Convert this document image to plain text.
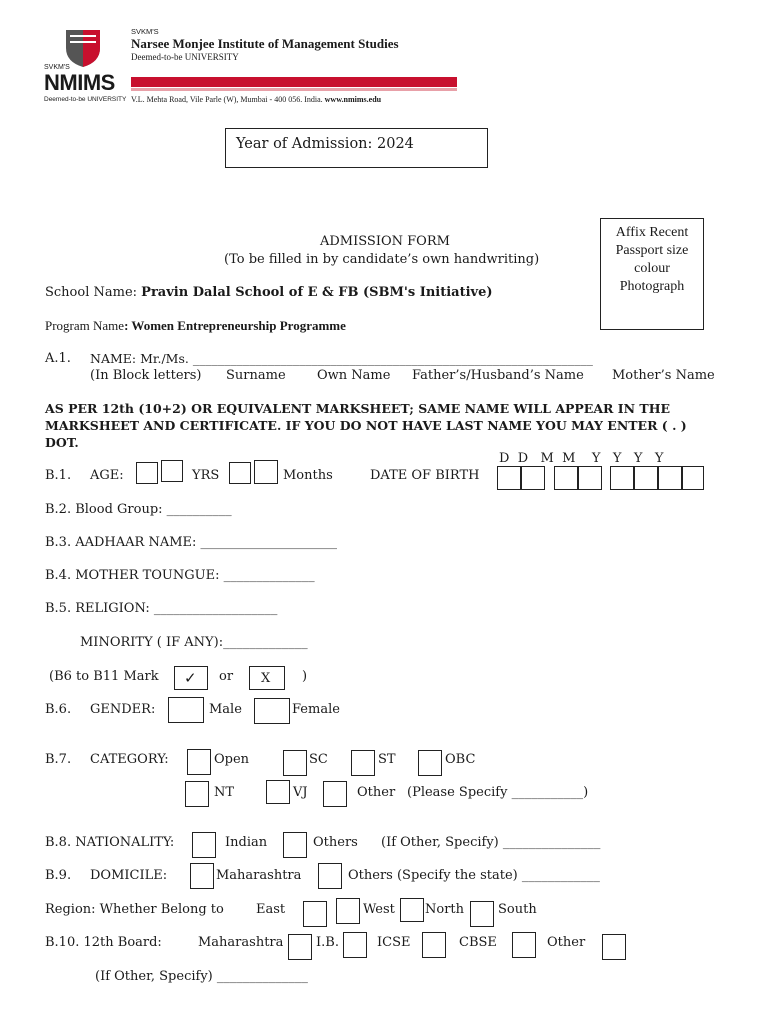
SVKM'S
NMIMS
Deemed-to-be UNIVERSITY
SVKM'S
Narsee Monjee Institute of Management Studies
Deemed-to-be UNIVERSITY
V.L. Mehta Road, Vile Parle (W), Mumbai - 400 056. India. www.nmims.edu
Year of Admission: 2024
Affix Recent
Passport size
colour
Photograph
ADMISSION FORM
(To be filled in by candidate’s own handwriting)
School Name: Pravin Dalal School of E & FB (SBM's Initiative)
Program Name: Women Entrepreneurship Programme
A.1. NAME: Mr./Ms. ________________________________________________________________
(In Block letters) Surname Own Name Father’s/Husband’s Name Mother’s Name
AS PER 12th (10+2) OR EQUIVALENT MARKSHEET; SAME NAME WILL APPEAR IN THE
MARKSHEET AND CERTIFICATE. IF YOU DO NOT HAVE LAST NAME YOU MAY ENTER ( . )
DOT.
D  D   M  M    Y   Y   Y   Y
B.1. AGE:	YRS	Months	DATE OF BIRTH
B.2. Blood Group: __________
B.3. AADHAAR NAME: _____________________
B.4. MOTHER TOUNGUE: ______________
B.5. RELIGION: ___________________
MINORITY ( IF ANY):_____________
(B6 to B11 Mark ✓ or X )
B.6. GENDER:	Male	Female
B.7. CATEGORY:	Open	SC	ST	OBC
NT	VJ	Other (Please Specify ___________)
B.8. NATIONALITY:	Indian	Others (If Other, Specify) _______________
B.9. DOMICILE:	Maharashtra	Others (Specify the state) ____________
Region: Whether Belong to East	West North	South
B.10. 12th Board:	Maharashtra	I.B.	ICSE	CBSE	Other
(If Other, Specify) ______________
